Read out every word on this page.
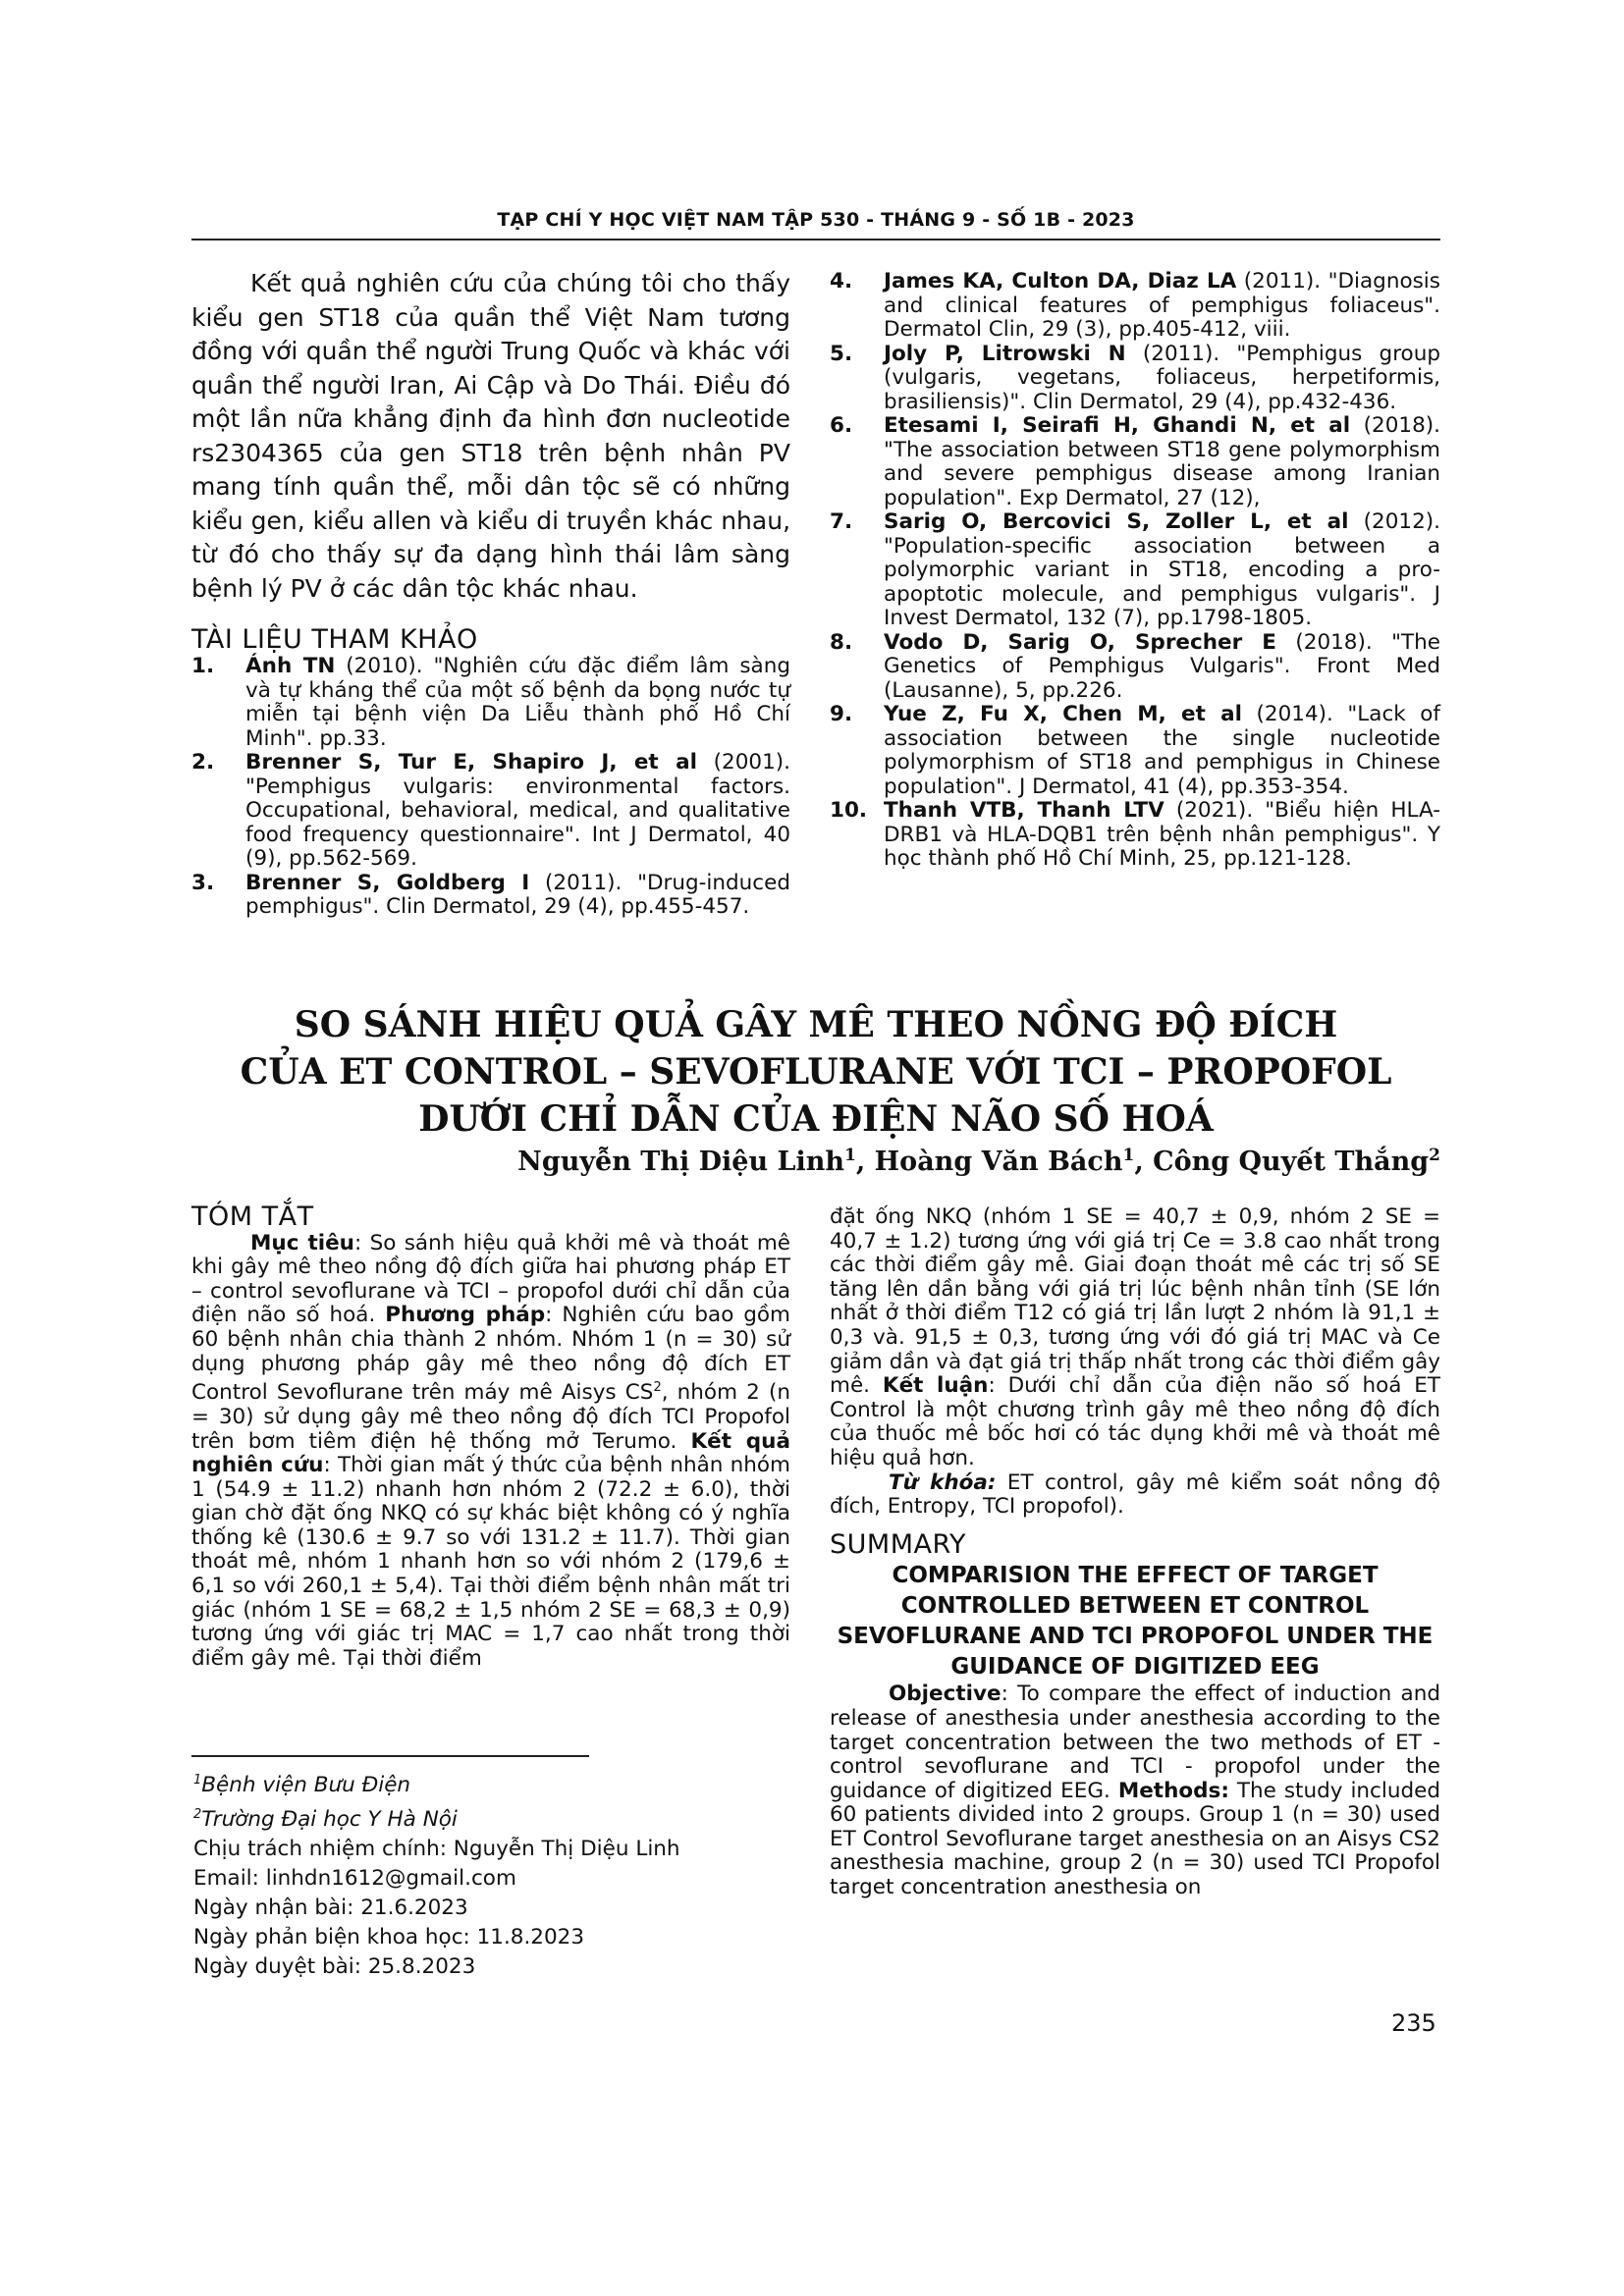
TẠP CHÍ Y HỌC VIỆT NAM TẬP 530 - THÁNG 9 - SỐ 1B - 2023

Kết quả nghiên cứu của chúng tôi cho thấy kiểu gen ST18 của quần thể Việt Nam tương đồng với quần thể người Trung Quốc và khác với quần thể người Iran, Ai Cập và Do Thái. Điều đó một lần nữa khẳng định đa hình đơn nucleotide rs2304365 của gen ST18 trên bệnh nhân PV mang tính quần thể, mỗi dân tộc sẽ có những kiểu gen, kiểu allen và kiểu di truyền khác nhau, từ đó cho thấy sự đa dạng hình thái lâm sàng bệnh lý PV ở các dân tộc khác nhau.

TÀI LIỆU THAM KHẢO
1. Ánh TN (2010). "Nghiên cứu đặc điểm lâm sàng và tự kháng thể của một số bệnh da bọng nước tự miễn tại bệnh viện Da Liễu thành phố Hồ Chí Minh". pp.33.
2. Brenner S, Tur E, Shapiro J, et al (2001). "Pemphigus vulgaris: environmental factors. Occupational, behavioral, medical, and qualitative food frequency questionnaire". Int J Dermatol, 40 (9), pp.562-569.
3. Brenner S, Goldberg I (2011). "Drug-induced pemphigus". Clin Dermatol, 29 (4), pp.455-457.
4. James KA, Culton DA, Diaz LA (2011). "Diagnosis and clinical features of pemphigus foliaceus". Dermatol Clin, 29 (3), pp.405-412, viii.
5. Joly P, Litrowski N (2011). "Pemphigus group (vulgaris, vegetans, foliaceus, herpetiformis, brasiliensis)". Clin Dermatol, 29 (4), pp.432-436.
6. Etesami I, Seirafi H, Ghandi N, et al (2018). "The association between ST18 gene polymorphism and severe pemphigus disease among Iranian population". Exp Dermatol, 27 (12),
7. Sarig O, Bercovici S, Zoller L, et al (2012). "Population-specific association between a polymorphic variant in ST18, encoding a pro-apoptotic molecule, and pemphigus vulgaris". J Invest Dermatol, 132 (7), pp.1798-1805.
8. Vodo D, Sarig O, Sprecher E (2018). "The Genetics of Pemphigus Vulgaris". Front Med (Lausanne), 5, pp.226.
9. Yue Z, Fu X, Chen M, et al (2014). "Lack of association between the single nucleotide polymorphism of ST18 and pemphigus in Chinese population". J Dermatol, 41 (4), pp.353-354.
10. Thanh VTB, Thanh LTV (2021). "Biểu hiện HLA-DRB1 và HLA-DQB1 trên bệnh nhân pemphigus". Y học thành phố Hồ Chí Minh, 25, pp.121-128.
SO SÁNH HIỆU QUẢ GÂY MÊ THEO NỒNG ĐỘ ĐÍCH
CỦA ET CONTROL – SEVOFLURANE VỚI TCI – PROPOFOL
DƯỚI CHỈ DẪN CỦA ĐIỆN NÃO SỐ HOÁ
Nguyễn Thị Diệu Linh$^1$, Hoàng Văn Bách$^1$, Công Quyết Thắng$^2$
TÓM TẮT

Mục tiêu: So sánh hiệu quả khởi mê và thoát mê khi gây mê theo nồng độ đích giữa hai phương pháp ET – control sevoflurane và TCI – propofol dưới chỉ dẫn của điện não số hoá. Phương pháp: Nghiên cứu bao gồm 60 bệnh nhân chia thành 2 nhóm. Nhóm 1 (n = 30) sử dụng phương pháp gây mê theo nồng độ đích ET Control Sevoflurane trên máy mê Aisys $CS^2$, nhóm 2 (n = 30) sử dụng gây mê theo nồng độ đích TCI Propofol trên bơm tiêm điện hệ thống mở Terumo. Kết quả nghiên cứu: Thời gian mất ý thức của bệnh nhân nhóm 1 (54.9 ± 11.2) nhanh hơn nhóm 2 (72.2 ± 6.0), thời gian chờ đặt ống NKQ có sự khác biệt không có ý nghĩa thống kê (130.6 ± 9.7 so với 131.2 ± 11.7). Thời gian thoát mê, nhóm 1 nhanh hơn so với nhóm 2 (179,6 ± 6,1 so với 260,1 ± 5,4). Tại thời điểm bệnh nhân mất tri giác (nhóm 1 SE = 68,2 ± 1,5 nhóm 2 SE = 68,3 ± 0,9) tương ứng với giác trị MAC = 1,7 cao nhất trong thời điểm gây mê. Tại thời điểm

đặt ống NKQ (nhóm 1 SE = 40,7 ± 0,9, nhóm 2 SE = 40,7 ± 1.2) tương ứng với giá trị Ce = 3.8 cao nhất trong các thời điểm gây mê. Giai đoạn thoát mê các trị số SE tăng lên dần bằng với giá trị lúc bệnh nhân tỉnh (SE lớn nhất ở thời điểm T12 có giá trị lần lượt 2 nhóm là 91,1 ± 0,3 và. 91,5 ± 0,3, tương ứng với đó giá trị MAC và Ce giảm dần và đạt giá trị thấp nhất trong các thời điểm gây mê. Kết luận: Dưới chỉ dẫn của điện não số hoá ET Control là một chương trình gây mê theo nồng độ đích của thuốc mê bốc hơi có tác dụng khởi mê và thoát mê hiệu quả hơn.

Từ khóa: ET control, gây mê kiểm soát nồng độ đích, Entropy, TCI propofol).

SUMMARY

COMPARISION THE EFFECT OF TARGET CONTROLLED BETWEEN ET CONTROL SEVOFLURANE AND TCI PROPOFOL UNDER THE GUIDANCE OF DIGITIZED EEG

Objective: To compare the effect of induction and release of anesthesia under anesthesia according to the target concentration between the two methods of ET - control sevoflurane and TCI - propofol under the guidance of digitized EEG. Methods: The study included 60 patients divided into 2 groups. Group 1 (n = 30) used ET Control Sevoflurane target anesthesia on an Aisys CS2 anesthesia machine, group 2 (n = 30) used TCI Propofol target concentration anesthesia on

$^1$Bệnh viện Bưu Điện
$^2$Trường Đại học Y Hà Nội
Chịu trách nhiệm chính: Nguyễn Thị Diệu Linh
Email: linhdn1612@gmail.com
Ngày nhận bài: 21.6.2023
Ngày phản biện khoa học: 11.8.2023
Ngày duyệt bài: 25.8.2023
235
